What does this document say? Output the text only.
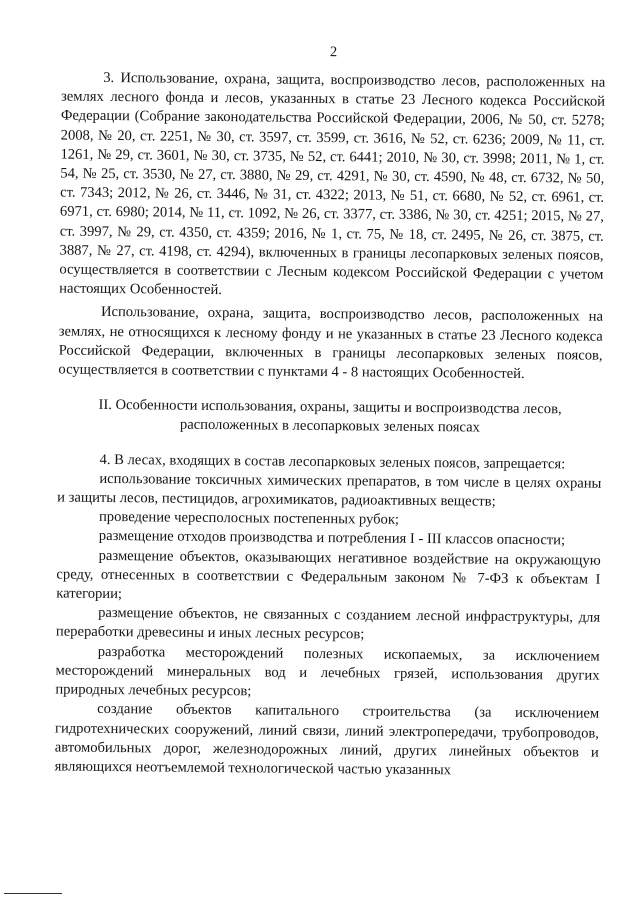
2

3. Использование, охрана, защита, воспроизводство лесов, расположенных на землях лесного фонда и лесов, указанных в статье 23 Лесного кодекса Российской Федерации (Собрание законодательства Российской Федерации, 2006, № 50, ст. 5278; 2008, № 20, ст. 2251, № 30, ст. 3597, ст. 3599, ст. 3616, № 52, ст. 6236; 2009, № 11, ст. 1261, № 29, ст. 3601, № 30, ст. 3735, № 52, ст. 6441; 2010, № 30, ст. 3998; 2011, № 1, ст. 54, № 25, ст. 3530, № 27, ст. 3880, № 29, ст. 4291, № 30, ст. 4590, № 48, ст. 6732, № 50, ст. 7343; 2012, № 26, ст. 3446, № 31, ст. 4322; 2013, № 51, ст. 6680, № 52, ст. 6961, ст. 6971, ст. 6980; 2014, № 11, ст. 1092, № 26, ст. 3377, ст. 3386, № 30, ст. 4251; 2015, № 27, ст. 3997, № 29, ст. 4350, ст. 4359; 2016, № 1, ст. 75, № 18, ст. 2495, № 26, ст. 3875, ст. 3887, № 27, ст. 4198, ст. 4294), включенных в границы лесопарковых зеленых поясов, осуществляется в соответствии с Лесным кодексом Российской Федерации с учетом настоящих Особенностей.

Использование, охрана, защита, воспроизводство лесов, расположенных на землях, не относящихся к лесному фонду и не указанных в статье 23 Лесного кодекса Российской Федерации, включенных в границы лесопарковых зеленых поясов, осуществляется в соответствии с пунктами 4 - 8 настоящих Особенностей.

II. Особенности использования, охраны, защиты и воспроизводства лесов, расположенных в лесопарковых зеленых поясах

4. В лесах, входящих в состав лесопарковых зеленых поясов, запрещается:

использование токсичных химических препаратов, в том числе в целях охраны и защиты лесов, пестицидов, агрохимикатов, радиоактивных веществ;

проведение чересполосных постепенных рубок;

размещение отходов производства и потребления I - III классов опасности;

размещение объектов, оказывающих негативное воздействие на окружающую среду, отнесенных в соответствии с Федеральным законом № 7-ФЗ к объектам I категории;

размещение объектов, не связанных с созданием лесной инфраструктуры, для переработки древесины и иных лесных ресурсов;

разработка месторождений полезных ископаемых, за исключением месторождений минеральных вод и лечебных грязей, использования других природных лечебных ресурсов;

создание объектов капитального строительства (за исключением гидротехнических сооружений, линий связи, линий электропередачи, трубопроводов, автомобильных дорог, железнодорожных линий, других линейных объектов и являющихся неотъемлемой технологической частью указанных
